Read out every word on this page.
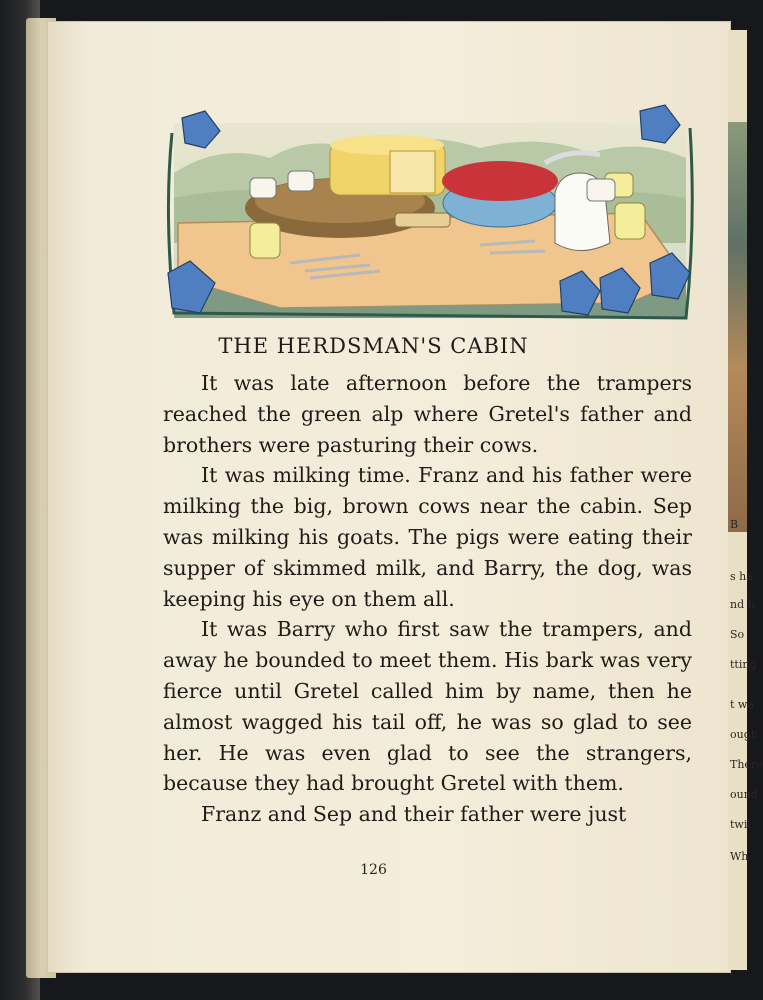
B
s ha
nd h
So
tting
t wa
ough
There
ound
twil
Wh
THE HERDSMAN'S CABIN

It was late afternoon before the trampers reached the green alp where Gretel's father and brothers were pasturing their cows.

It was milking time. Franz and his father were milking the big, brown cows near the cabin. Sep was milking his goats. The pigs were eating their supper of skimmed milk, and Barry, the dog, was keeping his eye on them all.

It was Barry who first saw the trampers, and away he bounded to meet them. His bark was very fierce until Gretel called him by name, then he almost wagged his tail off, he was so glad to see her. He was even glad to see the strangers, because they had brought Gretel with them.

Franz and Sep and their father were just

126
